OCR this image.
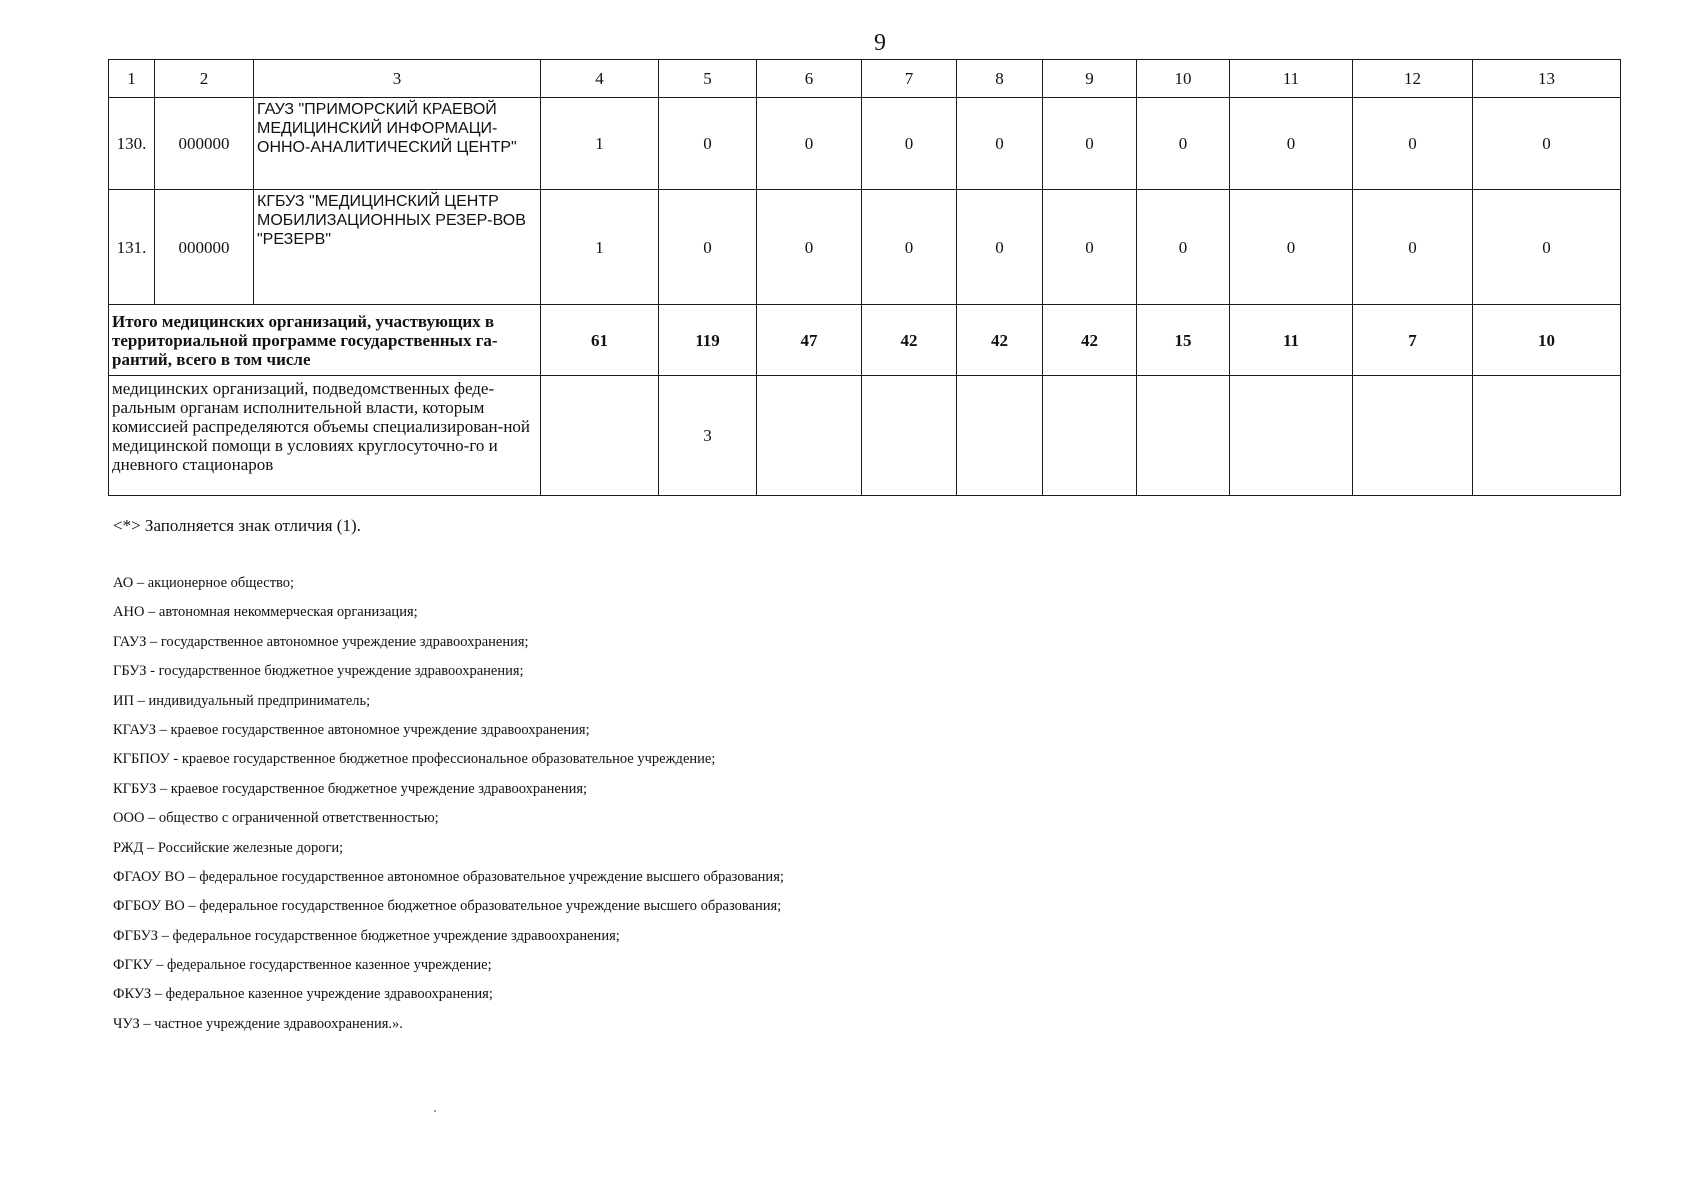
9
1	2	3	4	5	6	7	8	9	10	11	12	13
130.	000000	ГАУЗ "ПРИМОРСКИЙ КРАЕВОЙ МЕДИЦИНСКИЙ ИНФОРМАЦИ-ОННО-АНАЛИТИЧЕСКИЙ ЦЕНТР"	1	0	0	0	0	0	0	0	0	0
131.	000000	КГБУЗ "МЕДИЦИНСКИЙ ЦЕНТР МОБИЛИЗАЦИОННЫХ РЕЗЕР-ВОВ "РЕЗЕРВ"	1	0	0	0	0	0	0	0	0	0
Итого медицинских организаций, участвующих в территориальной программе государственных га-рантий, всего в том числе			61	119	47	42	42	42	15	11	7	10
медицинских организаций, подведомственных феде-ральным органам исполнительной власти, которым комиссией распределяются объемы специализирован-ной медицинской помощи в условиях круглосуточно-го и дневного стационаров				3								
<*> Заполняется знак отличия (1).
АО – акционерное общество;
АНО – автономная некоммерческая организация;
ГАУЗ – государственное автономное учреждение здравоохранения;
ГБУЗ - государственное бюджетное учреждение здравоохранения;
ИП – индивидуальный предприниматель;
КГАУЗ – краевое государственное автономное учреждение здравоохранения;
КГБПОУ - краевое государственное бюджетное профессиональное образовательное учреждение;
КГБУЗ – краевое государственное бюджетное учреждение здравоохранения;
ООО – общество с ограниченной ответственностью;
РЖД – Российские железные дороги;
ФГАОУ ВО – федеральное государственное автономное образовательное учреждение высшего образования;
ФГБОУ ВО – федеральное государственное бюджетное образовательное учреждение высшего образования;
ФГБУЗ – федеральное государственное бюджетное учреждение здравоохранения;
ФГКУ – федеральное государственное казенное учреждение;
ФКУЗ – федеральное казенное учреждение здравоохранения;
ЧУЗ – частное учреждение здравоохранения.».
